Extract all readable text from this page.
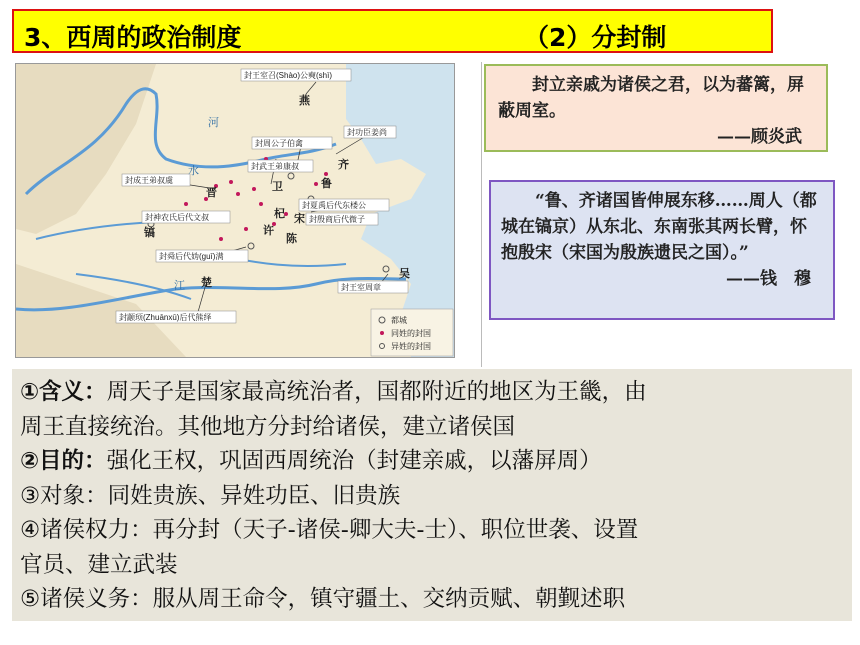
3、西周的政治制度	（2）分封制
都城
同姓的封国
异姓的封国
封王室召(Shào)公奭(shì)
封功臣姜尚
封周公子伯禽
封武王弟康叔
封成王弟叔虞
封夏禹后代东楼公
封殷商后代微子
封神农氏后代文叔
封舜后代妫(guī)满
封王室周章
封颛顼(Zhuānxū)后代熊绎
燕
齐
鲁
卫
晋
杞 宋
镐	许
陈
楚
吴
河
水
江

封立亲戚为诸侯之君，以为蕃篱，屏蔽周室。

——顾炎武

“鲁、齐诸国皆伸展东移……周人（都城在镐京）从东北、东南张其两长臂，怀抱殷宋（宋国为殷族遗民之国）。”

——钱　穆

①含义：周天子是国家最高统治者，国都附近的地区为王畿，由

周王直接统治。其他地方分封给诸侯，建立诸侯国

②目的：强化王权，巩固西周统治（封建亲戚，以藩屏周）

③对象：同姓贵族、异姓功臣、旧贵族

④诸侯权力：再分封（天子-诸侯-卿大夫-士）、职位世袭、设置

官员、建立武装

⑤诸侯义务：服从周王命令，镇守疆土、交纳贡赋、朝觐述职
